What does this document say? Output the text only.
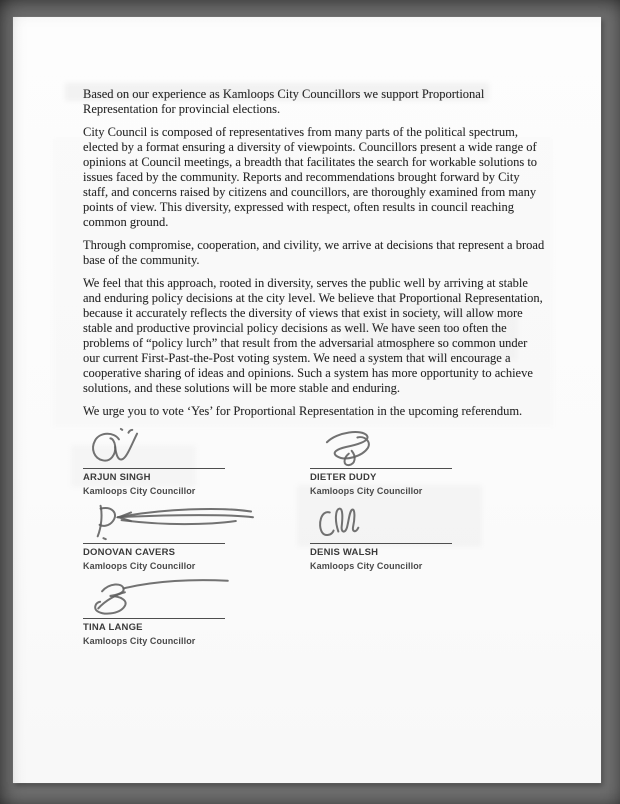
Based on our experience as Kamloops City Councillors we support Proportional Representation for provincial elections.

City Council is composed of representatives from many parts of the political spectrum, elected by a format ensuring a diversity of viewpoints. Councillors present a wide range of opinions at Council meetings, a breadth that facilitates the search for workable solutions to issues faced by the community. Reports and recommendations brought forward by City staff, and concerns raised by citizens and councillors, are thoroughly examined from many points of view. This diversity, expressed with respect, often results in council reaching common ground.

Through compromise, cooperation, and civility, we arrive at decisions that represent a broad base of the community.

We feel that this approach, rooted in diversity, serves the public well by arriving at stable and enduring policy decisions at the city level. We believe that Proportional Representation, because it accurately reflects the diversity of views that exist in society, will allow more stable and productive provincial policy decisions as well. We have seen too often the problems of “policy lurch” that result from the adversarial atmosphere so common under our current First-Past-the-Post voting system. We need a system that will encourage a cooperative sharing of ideas and opinions. Such a system has more opportunity to achieve solutions, and these solutions will be more stable and enduring.

We urge you to vote ‘Yes’ for Proportional Representation in the upcoming referendum.

ARJUN SINGH
Kamloops City Councillor
DIETER DUDY
Kamloops City Councillor
DONOVAN CAVERS
Kamloops City Councillor
DENIS WALSH
Kamloops City Councillor
TINA LANGE
Kamloops City Councillor
